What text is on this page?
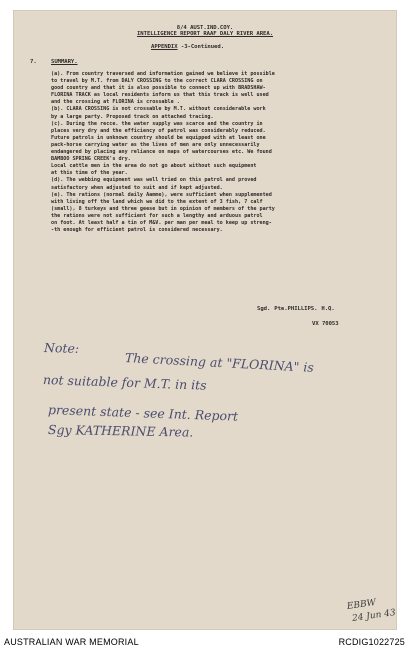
8/4 AUST.IND.COY.
INTELLIGENCE REPORT RAAF DALY RIVER AREA.
APPENDIX -3-Continued.
7.	SUMMARY.
(a). From country traversed and information gained we believe it possible
to travel by M.T. from DALY CROSSING to the correct CLARA CROSSING on
good country and that it is also possible to connect up with BRADSHAW-
FLORINA TRACK as local residents inform us that this track is well used
and the crossing at FLORINA is crossable .
(b). CLARA CROSSING is not crossable by M.T. without considerable work
by a large party. Proposed track on attached tracing.
(c). During the recce. the water supply was scarce and the country in
places very dry and the efficiency of patrol was considerably reduced.
Future patrols in unknown country should be equipped with at least one
pack-horse carrying water as the lives of men are only unnecessarily
endangered by placing any reliance on maps of watercourses etc. We found
BAMBOO SPRING CREEK's dry.
Local cattle men in the area do not go about without such equipment
at this time of the year.
(d). The webbing equipment was well tried on this patrol and proved
satisfactory when adjusted to suit and if kept adjusted.
(e). The rations (normal daily Aamme), were sufficient when supplemented
with living off the land which we did to the extent of 3 fish, 7 calf
(small), 8 turkeys and three geese but in opinion of members of the party
the rations were not sufficient for such a lengthy and arduous patrol
on foot. At least half a tin of M&V. per man per meal to keep up streng-
-th enough for efficient patrol is considered necessary.
Sgd. Pte.PHILLIPS. H.Q.
VX 70053
Note:
The crossing at "FLORINA" is
not suitable for M.T. in its
present state - see Int. Report
Sgy KATHERINE Area.
EBBW
24 Jun 43
AUSTRALIAN WAR MEMORIAL	RCDIG1022725
